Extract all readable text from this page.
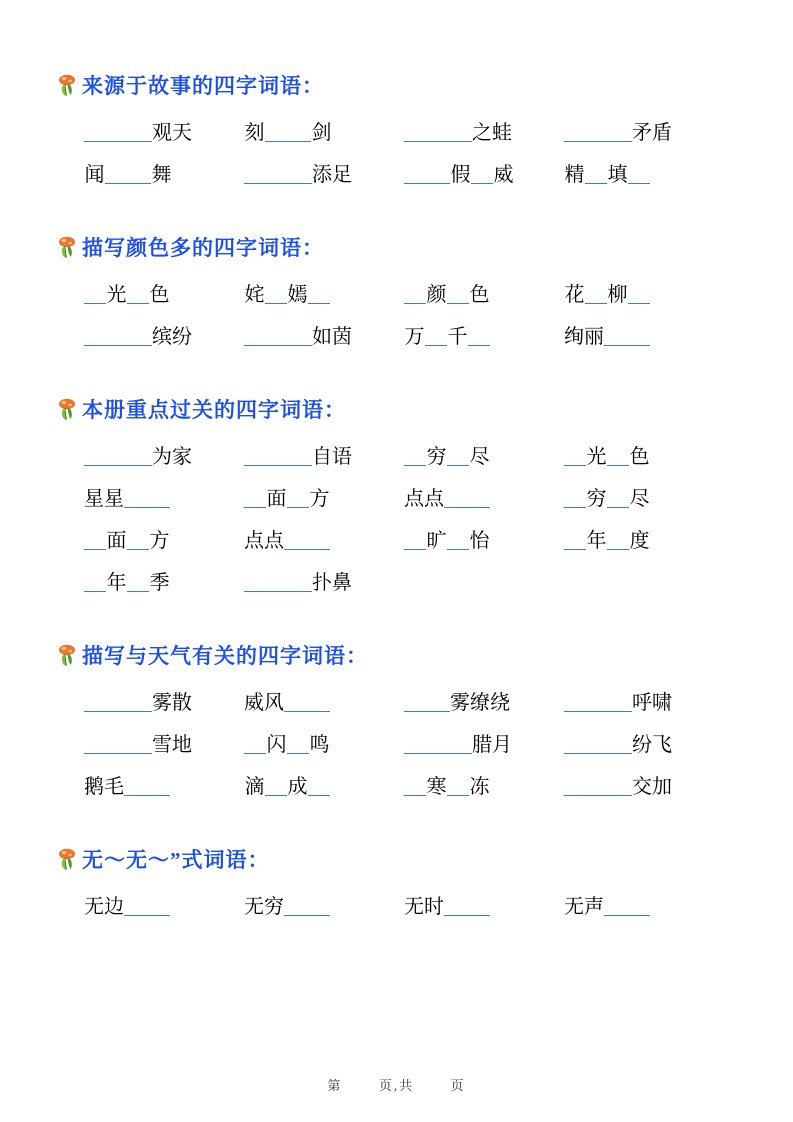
来源于故事的四字词语：
观天	刻 剑	之蛙	矛盾
闻 舞	添足	假 威	精 填
描写颜色多的四字词语：
光 色	姹 嫣	颜 色	花 柳
缤纷	如茵	万 千	绚丽
本册重点过关的四字词语：
为家	自语	穷 尽	光 色
星星	面 方	点点	穷 尽
面 方	点点	旷 怡	年 度
年 季	扑鼻
描写与天气有关的四字词语：
雾散	威风	雾缭绕	呼啸
雪地	闪 鸣	腊月	纷飞
鹅毛	滴 成	寒 冻	交加
无～无～”式词语：
无边	无穷	无时	无声
第	页,共	页
